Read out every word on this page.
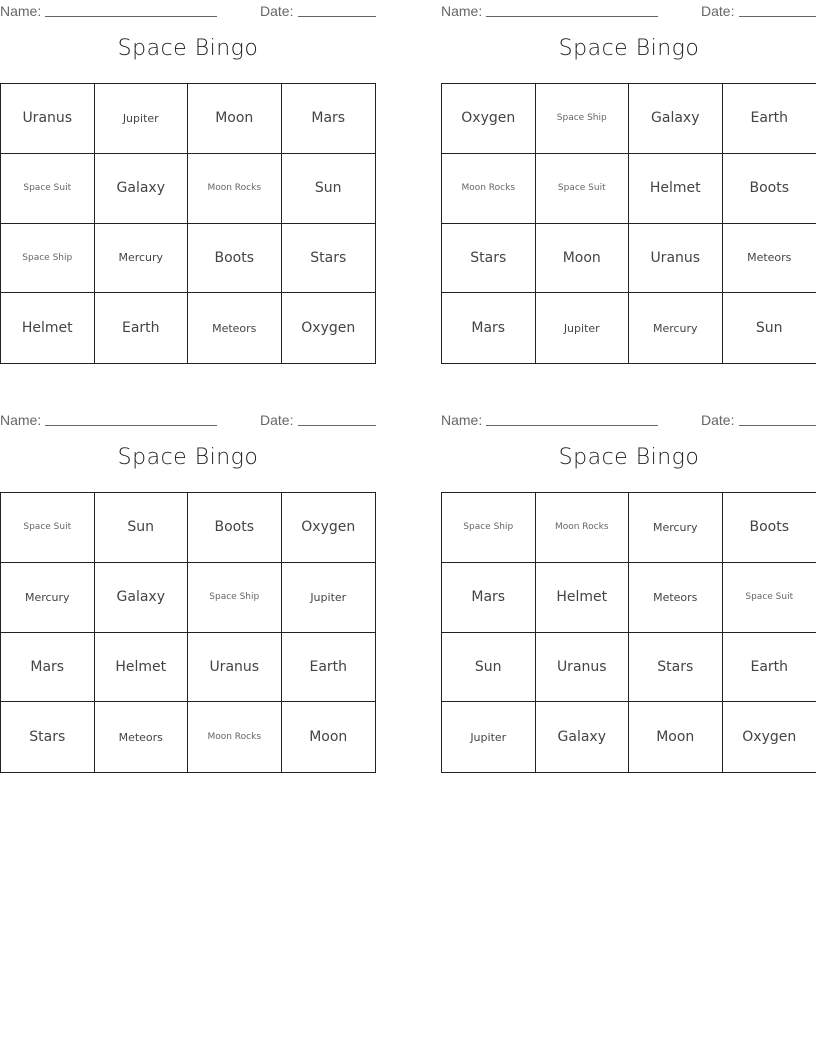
Name:	Date:
Space Bingo
Uranus	Jupiter	Moon	Mars
Space Suit	Galaxy	Moon Rocks	Sun
Space Ship	Mercury	Boots	Stars
Helmet	Earth	Meteors	Oxygen
Name:	Date:
Space Bingo
Oxygen	Space Ship	Galaxy	Earth
Moon Rocks	Space Suit	Helmet	Boots
Stars	Moon	Uranus	Meteors
Mars	Jupiter	Mercury	Sun
Name:	Date:
Space Bingo
Space Suit	Sun	Boots	Oxygen
Mercury	Galaxy	Space Ship	Jupiter
Mars	Helmet	Uranus	Earth
Stars	Meteors	Moon Rocks	Moon
Name:	Date:
Space Bingo
Space Ship	Moon Rocks	Mercury	Boots
Mars	Helmet	Meteors	Space Suit
Sun	Uranus	Stars	Earth
Jupiter	Galaxy	Moon	Oxygen
